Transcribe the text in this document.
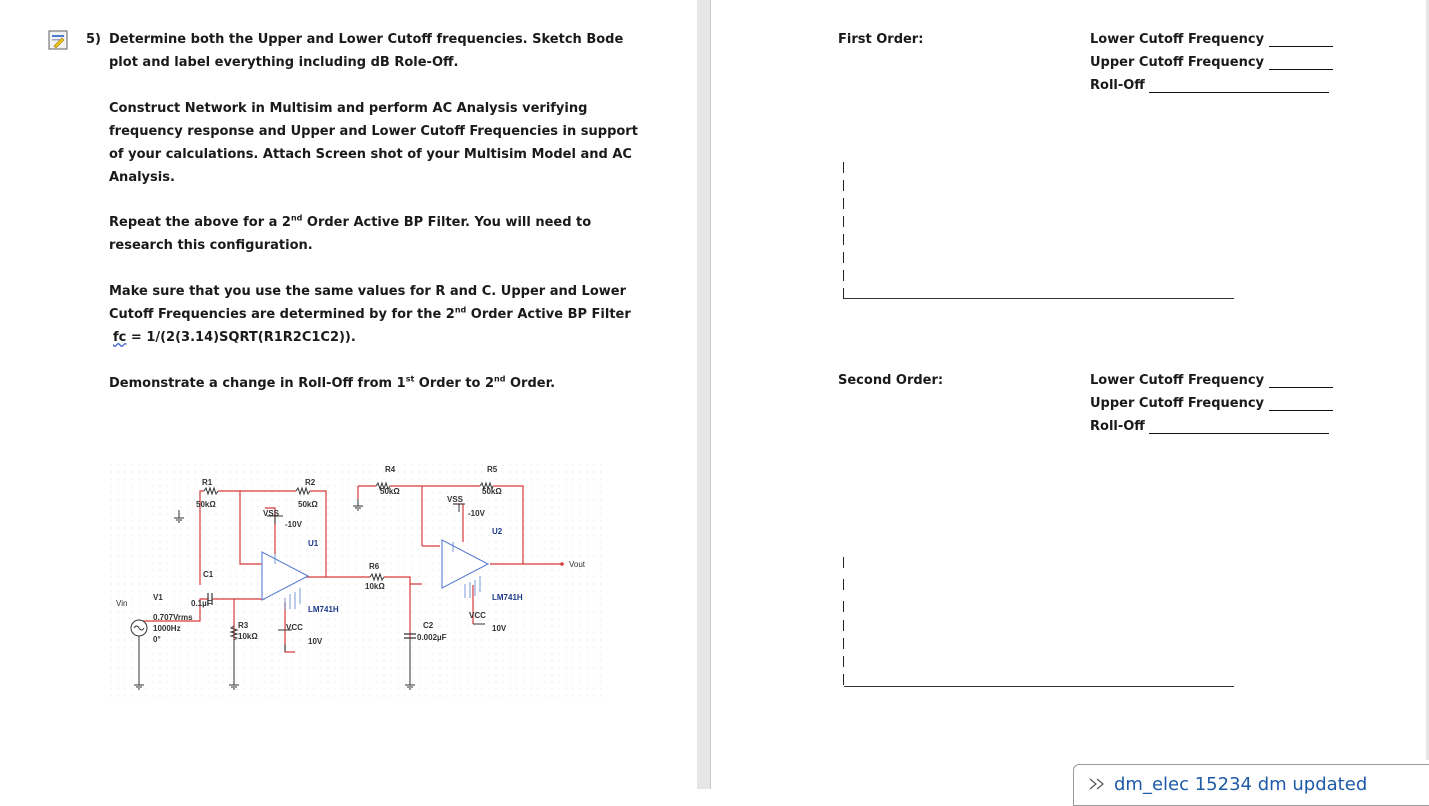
5) Determine both the Upper and Lower Cutoff frequencies. Sketch Bode
plot and label everything including dB Role-Off.
Construct Network in Multisim and perform AC Analysis verifying
frequency response and Upper and Lower Cutoff Frequencies in support
of your calculations. Attach Screen shot of your Multisim Model and AC
Analysis.
Repeat the above for a 2nd Order Active BP Filter. You will need to
research this configuration.
Make sure that you use the same values for R and C. Upper and Lower
Cutoff Frequencies are determined by for the 2nd Order Active BP Filter
fc = 1/(2(3.14)SQRT(R1R2C1C2)).
Demonstrate a change in Roll-Off from 1st Order to 2nd Order.
R1
50kΩ
R2
50kΩ
R4
50kΩ
R5
50kΩ
R6
10kΩ
R3
10kΩ
C1
0.1µF
C2
0.002µF
V1
0.707Vrms
1000Hz
0°
Vin
Vout
VSS
-10V
VSS
-10V
VCC
10V
VCC
10V
U1
U2
LM741H
LM741H
First Order:	Lower Cutoff Frequency
Upper Cutoff Frequency
Roll-Off
Second Order:	Lower Cutoff Frequency
Upper Cutoff Frequency
Roll-Off
dm_elec 15234 dm updated
